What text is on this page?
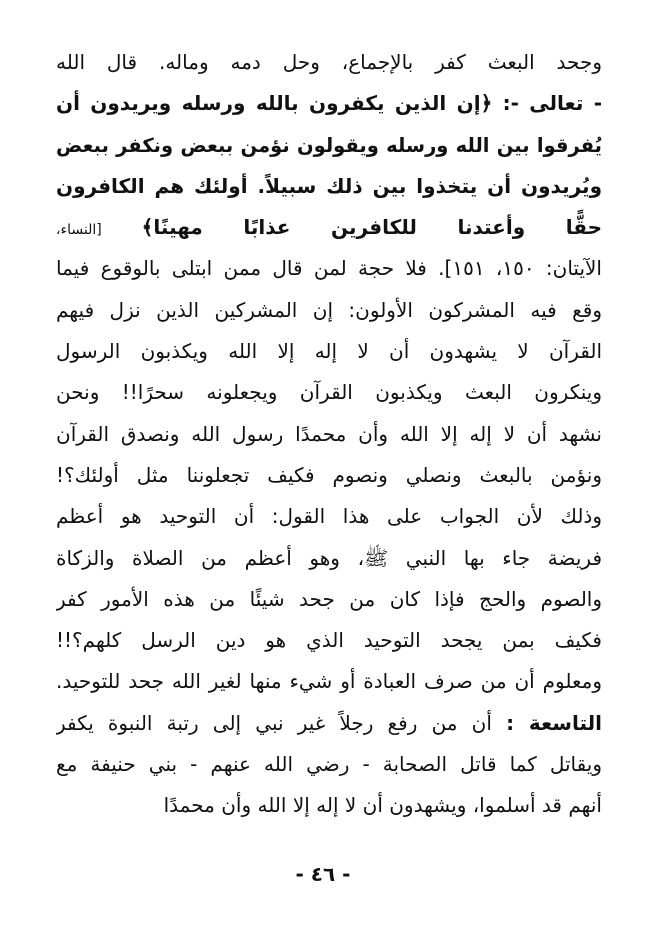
وجحد البعث كفر بالإجماع، وحل دمه وماله. قال الله
- تعالى -: ﴿إن الذين يكفرون بالله ورسله ويريدون أن
يُفرقوا بين الله ورسله ويقولون نؤمن ببعض ونكفر ببعض
ويُريدون أن يتخذوا بين ذلك سبيلاً. أولئك هم الكافرون
حقًّا وأعتدنا للكافرين عذابًا مهينًا﴾ [النساء،
الآيتان: ١٥٠، ١٥١]. فلا حجة لمن قال ممن ابتلى بالوقوع فيما
وقع فيه المشركون الأولون: إن المشركين الذين نزل فيهم
القرآن لا يشهدون أن لا إله إلا الله ويكذبون الرسول
وينكرون البعث ويكذبون القرآن ويجعلونه سحرًا!! ونحن
نشهد أن لا إله إلا الله وأن محمدًا رسول الله ونصدق القرآن
ونؤمن بالبعث ونصلي ونصوم فكيف تجعلوننا مثل أولئك؟!
وذلك لأن الجواب على هذا القول: أن التوحيد هو أعظم
فريضة جاء بها النبي ﷺ، وهو أعظم من الصلاة والزكاة
والصوم والحج فإذا كان من جحد شيئًا من هذه الأمور كفر
فكيف بمن يجحد التوحيد الذي هو دين الرسل كلهم؟!!
ومعلوم أن من صرف العبادة أو شيء منها لغير الله جحد للتوحيد.
التاسعة : أن من رفع رجلاً غير نبي إلى رتبة النبوة يكفر
ويقاتل كما قاتل الصحابة - رضي الله عنهم - بني حنيفة مع
أنهم قد أسلموا، ويشهدون أن لا إله إلا الله وأن محمدًا
- ٤٦ -
